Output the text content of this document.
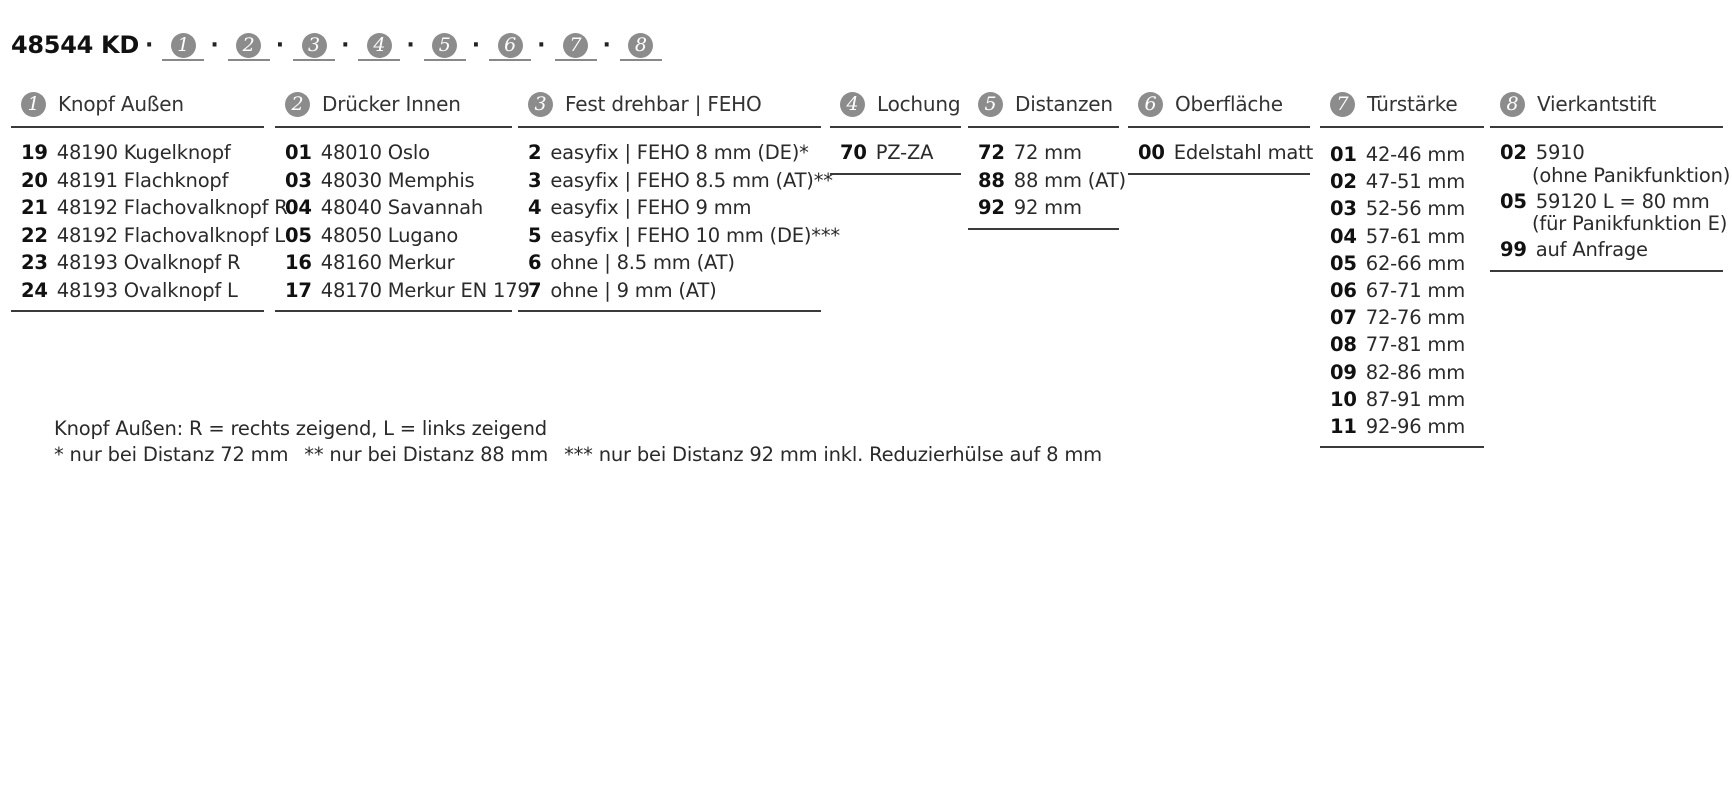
48544 KD ·	1 ·	2 ·	3 ·	4 ·	5 ·	6 ·	7 ·	8
1 Knopf Außen
19 48190 Kugelknopf
20 48191 Flachknopf
21 48192 Flachovalknopf R
22 48192 Flachovalknopf L
23 48193 Ovalknopf R
24 48193 Ovalknopf L
2 Drücker Innen
01 48010 Oslo
03 48030 Memphis
04 48040 Savannah
05 48050 Lugano
16 48160 Merkur
17 48170 Merkur EN 179
3 Fest drehbar | FEHO
2 easyfix | FEHO 8 mm (DE)*
3 easyfix | FEHO 8.5 mm (AT)**
4 easyfix | FEHO 9 mm
5 easyfix | FEHO 10 mm (DE)***
6 ohne | 8.5 mm (AT)
7 ohne | 9 mm (AT)
4 Lochung
70 PZ-ZA
5 Distanzen
72 72 mm
88 88 mm (AT)
92 92 mm
6 Oberfläche
00 Edelstahl matt
7 Türstärke
01 42-46 mm
02 47-51 mm
03 52-56 mm
04 57-61 mm
05 62-66 mm
06 67-71 mm
07 72-76 mm
08 77-81 mm
09 82-86 mm
10 87-91 mm
11 92-96 mm
8 Vierkantstift
02 5910
(ohne Panikfunktion)
05 59120 L = 80 mm
(für Panikfunktion E)
99 auf Anfrage
Knopf Außen: R = rechts zeigend, L = links zeigend
* nur bei Distanz 72 mm ** nur bei Distanz 88 mm *** nur bei Distanz 92 mm inkl. Reduzierhülse auf 8 mm
